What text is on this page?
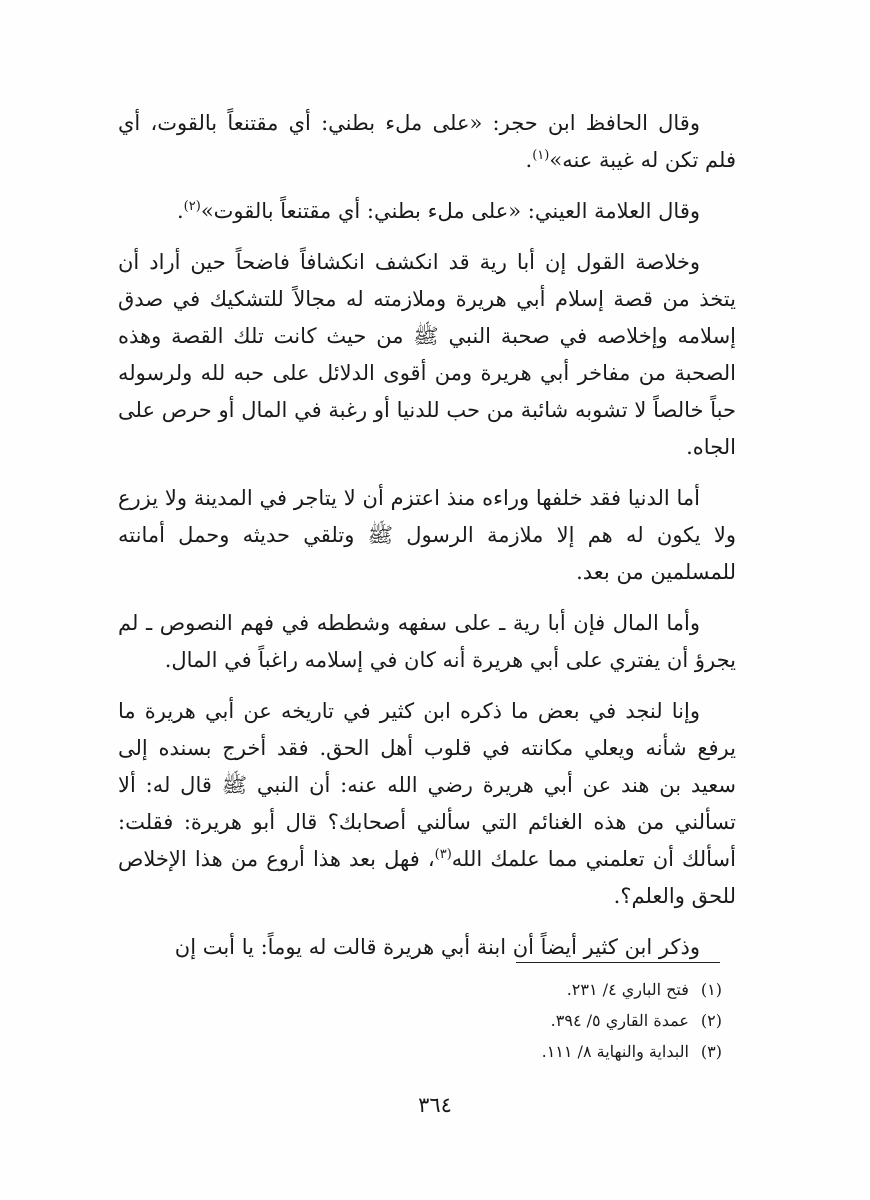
وقال الحافظ ابن حجر: «على ملء بطني: أي مقتنعاً بالقوت، أي فلم تكن له غيبة عنه»$^{(١)}$.

وقال العلامة العيني: «على ملء بطني: أي مقتنعاً بالقوت»$^{(٢)}$.

وخلاصة القول إن أبا رية قد انكشف انكشافاً فاضحاً حين أراد أن يتخذ من قصة إسلام أبي هريرة وملازمته له مجالاً للتشكيك في صدق إسلامه وإخلاصه في صحبة النبي ﷺ من حيث كانت تلك القصة وهذه الصحبة من مفاخر أبي هريرة ومن أقوى الدلائل على حبه لله ولرسوله حباً خالصاً لا تشوبه شائبة من حب للدنيا أو رغبة في المال أو حرص على الجاه.

أما الدنيا فقد خلفها وراءه منذ اعتزم أن لا يتاجر في المدينة ولا يزرع ولا يكون له هم إلا ملازمة الرسول ﷺ وتلقي حديثه وحمل أمانته للمسلمين من بعد.

وأما المال فإن أبا رية ـ على سفهه وشططه في فهم النصوص ـ لم يجرؤ أن يفتري على أبي هريرة أنه كان في إسلامه راغباً في المال.

وإنا لنجد في بعض ما ذكره ابن كثير في تاريخه عن أبي هريرة ما يرفع شأنه ويعلي مكانته في قلوب أهل الحق. فقد أخرج بسنده إلى سعيد بن هند عن أبي هريرة رضي الله عنه: أن النبي ﷺ قال له: ألا تسألني من هذه الغنائم التي سألني أصحابك؟ قال أبو هريرة: فقلت: أسألك أن تعلمني مما علمك الله$^{(٣)}$، فهل بعد هذا أروع من هذا الإخلاص للحق والعلم؟.

وذكر ابن كثير أيضاً أن ابنة أبي هريرة قالت له يوماً: يا أبت إن

(١)فتح الباري ٤/ ٢٣١.
(٢)عمدة القاري ٥/ ٣٩٤.
(٣)البداية والنهاية ٨/ ١١١.
٣٦٤
